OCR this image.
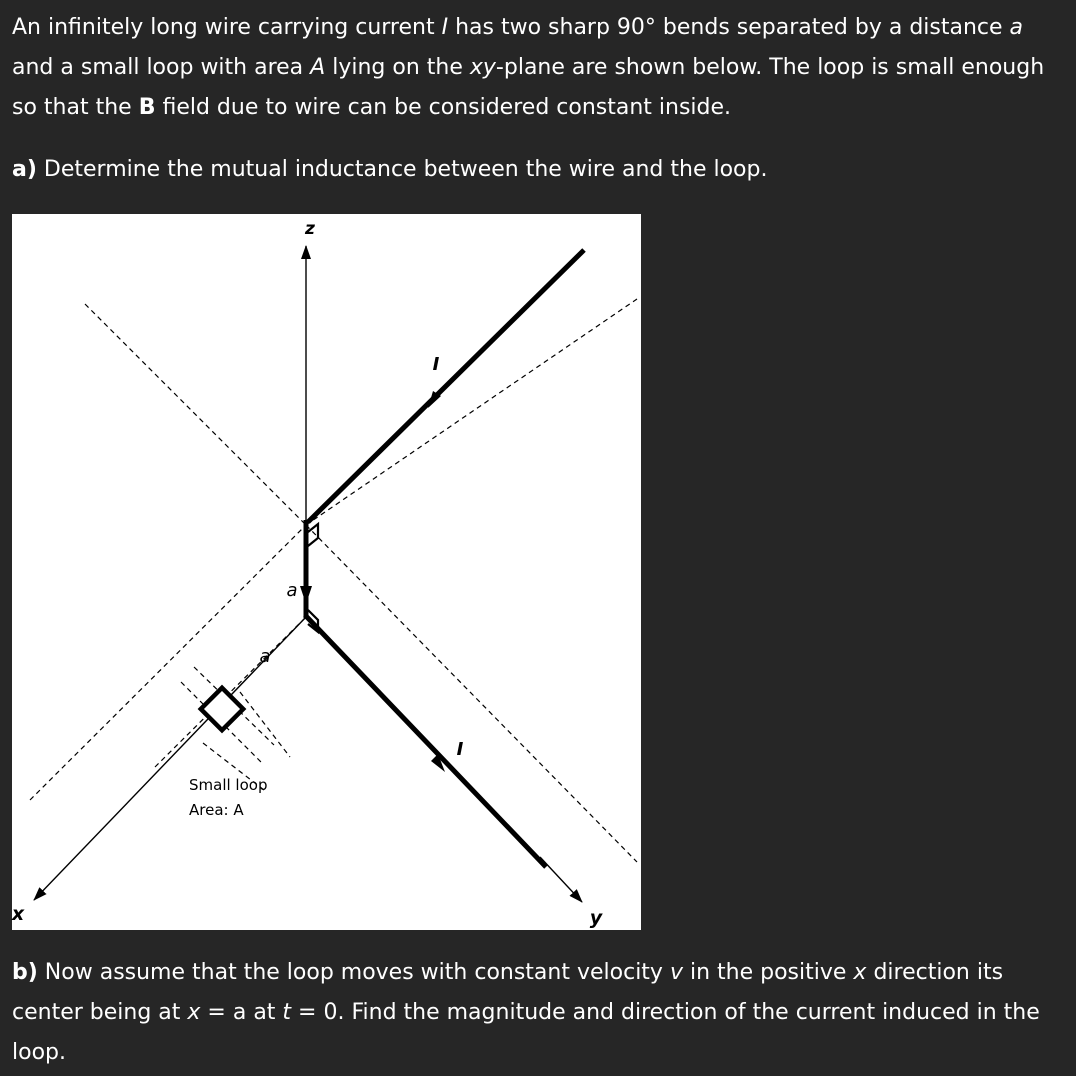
An infinitely long wire carrying current I has two sharp 90° bends separated by a distance a and a small loop with area A lying on the xy-plane are shown below. The loop is small enough so that the B field due to wire can be considered constant inside.

a) Determine the mutual inductance between the wire and the loop.

z
x	y
I
I
a
a
Small loop
Area: A

b) Now assume that the loop moves with constant velocity v in the positive x direction its center being at x = a at t = 0. Find the magnitude and direction of the current induced in the loop.
